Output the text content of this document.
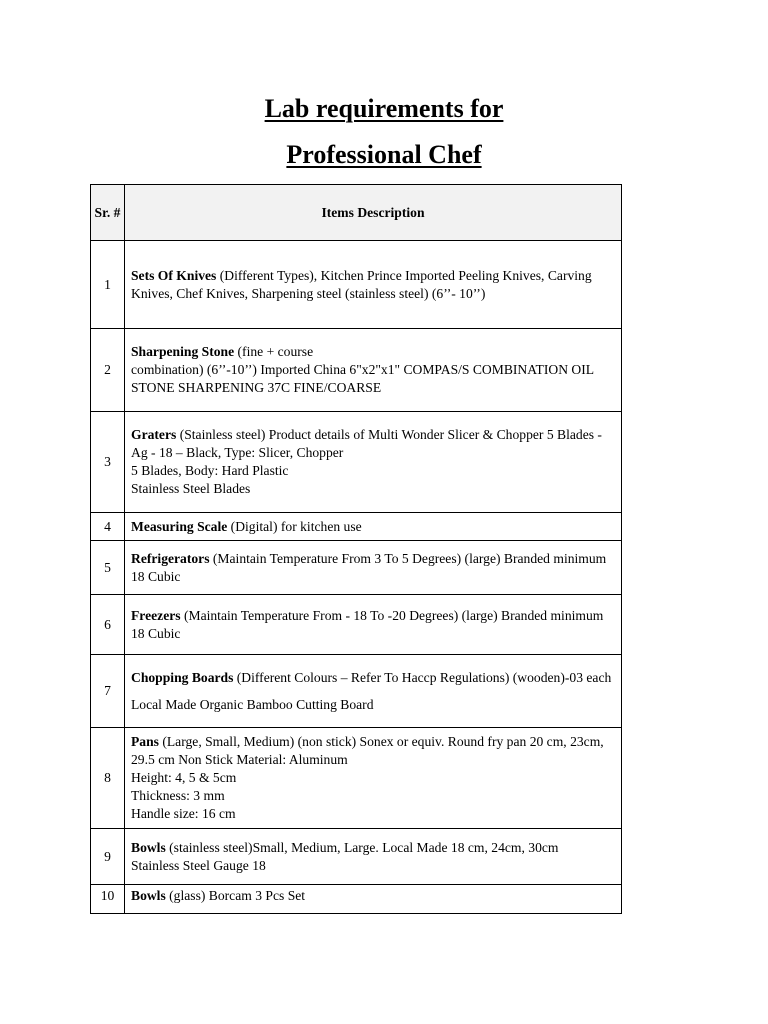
Lab requirements for
Professional Chef
Sr. #	Items Description
1	Sets Of Knives (Different Types), Kitchen Prince Imported Peeling Knives, Carving Knives, Chef Knives, Sharpening steel (stainless steel) (6’’- 10’’)
2	Sharpening Stone (fine + course
combination) (6’’-10’’) Imported China 6"x2"x1" COMPAS/S COMBINATION OIL STONE SHARPENING 37C FINE/COARSE

3	Graters (Stainless steel) Product details of Multi Wonder Slicer & Chopper 5 Blades - Ag - 18 – Black, Type: Slicer, Chopper
5 Blades, Body: Hard Plastic
Stainless Steel Blades

4	Measuring Scale (Digital) for kitchen use
5	Refrigerators (Maintain Temperature From 3 To 5 Degrees) (large) Branded minimum 18 Cubic
6	Freezers (Maintain Temperature From - 18 To -20 Degrees) (large) Branded minimum 18 Cubic
7	Chopping Boards (Different Colours – Refer To Haccp Regulations) (wooden)-03 each
Local Made Organic Bamboo Cutting Board

8	Pans (Large, Small, Medium) (non stick) Sonex or equiv. Round fry pan 20 cm, 23cm, 29.5 cm Non Stick Material: Aluminum
Height: 4, 5 & 5cm
Thickness: 3 mm
Handle size: 16 cm

9	Bowls (stainless steel)Small, Medium, Large. Local Made 18 cm, 24cm, 30cm
Stainless Steel Gauge 18

10	Bowls (glass) Borcam 3 Pcs Set
